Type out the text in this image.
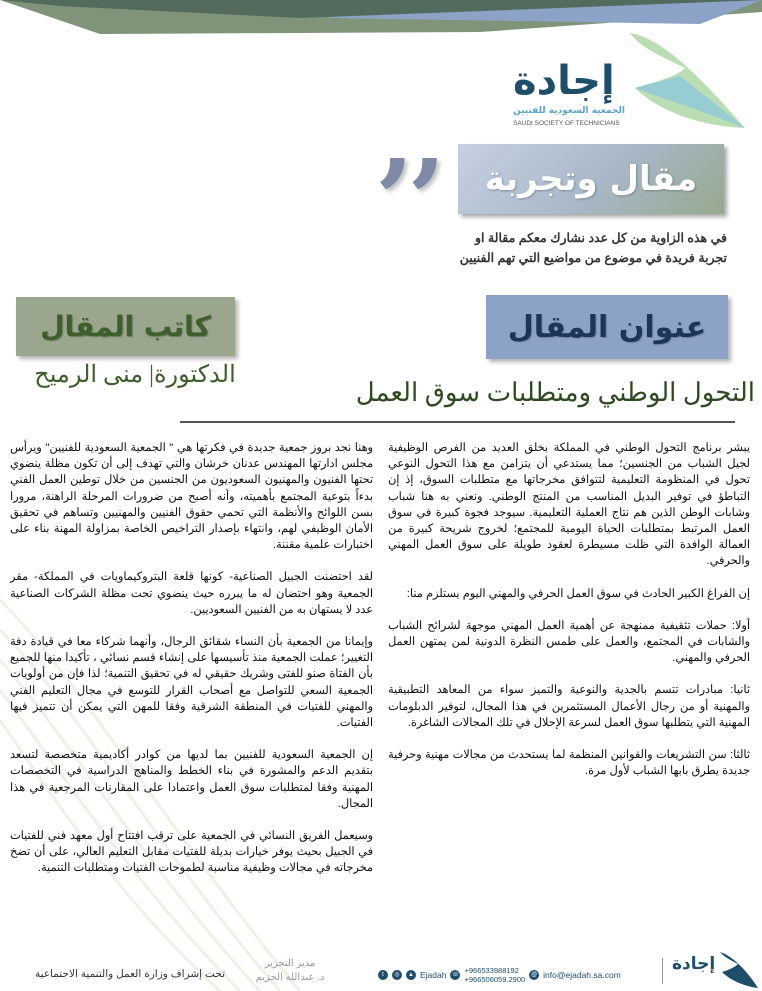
إجادة
الجمعية السعودية للفنيين
SAUDI SOCIETY OF TECHNICIANS
’’ مقال وتجربة
في هذه الزاوية من كل عدد نشارك معكم مقالة او
تجربة فريدة في موضوع من مواضيع التي تهم الفنيين
كاتب المقال
الدكتورة| منى الرميح
عنوان المقال
التحول الوطني ومتطلبات سوق العمل

يبشر برنامج التحول الوطني في المملكة بخلق العديد من الفرص الوظيفية لجيل الشباب من الجنسين؛ مما يستدعي أن يتزامن مع هذا التحول النوعي تحول في المنظومة التعليمية لتتوافق مخرجاتها مع متطلبات السوق، إذ إن التباطؤ في توفير البديل المناسب من المنتج الوطني. ونعني به هنا شباب وشابات الوطن الذين هم نتاج العملية التعليمية. سيوجد فجوة كبيرة في سوق العمل المرتبط بمتطلبات الحياة اليومية للمجتمع؛ لخروج شريحة كبيرة من العمالة الوافدة التي ظلت مسيطرة لعقود طويلة على سوق العمل المهني والحرفي.

إن الفراغ الكبير الحادث في سوق العمل الحرفي والمهني اليوم يستلزم منا:

أولا: حملات تثقيفية ممنهجة عن أهمية العمل المهني موجهة لشرائح الشباب والشابات في المجتمع، والعمل على طمس النظرة الدونية لمن يمتهن العمل الحرفي والمهني.

ثانيا: مبادرات تتسم بالجدية والنوعية والتميز سواء من المعاهد التطبيقية والمهنية أو من رجال الأعمال المستثمرين في هذا المجال، لتوفير الدبلومات المهنية التي يتطلبها سوق العمل لسرعة الإحلال في تلك المجالات الشاغرة.

ثالثا: سن التشريعات والقوانين المنظمة لما يستحدث من مجالات مهنية وحرفية جديدة يطرق بابها الشباب لأول مرة.

وهنا نجد بروز جمعية جديدة في فكرتها هي " الجمعية السعودية للفنيين" ويرأس مجلس ادارتها المهندس عدنان خرشان والتي تهدف إلى أن تكون مظلة ينضوي تحتها الفنيون والمهنيون السعوديون من الجنسين من خلال توطين العمل الفني بدءاً بتوعية المجتمع بأهميته، وأنه أصبح من ضرورات المرحلة الراهنة، مرورا بسن اللوائح والأنظمة التي تحمي حقوق الفنيين والمهنيين وتساهم في تحقيق الأمان الوظيفي لهم، وانتهاء بإصدار التراخيص الخاصة بمزاولة المهنة بناء على اختبارات علمية مقننة.

لقد احتضنت الجبيل الصناعية- كونها قلعة البتروكيماويات في المملكة- مقر الجمعية وهو احتضان له ما يبرره حيث ينضوي تحت مظلة الشركات الصناعية عدد لا يستهان به من الفنيين السعوديين.

وإيمانا من الجمعية بأن النساء شقائق الرجال، وأنهما شركاء معا في قيادة دفة التغيير؛ عملت الجمعية منذ تأسيسها على إنشاء قسم نسائي ، تأكيدا منها للجميع بأن الفتاة صنو للفتى وشريك حقيقي له في تحقيق التنمية؛ لذا فإن من أولويات الجمعية السعي للتواصل مع أصحاب القرار للتوسع في مجال التعليم الفني والمهني للفتيات في المنطقة الشرقية وفقا للمهن التي يمكن أن تتميز فيها الفتيات.

إن الجمعية السعودية للفنيين بما لديها من كوادر أكاديمية متخصصة لتسعد بتقديم الدعم والمشورة في بناء الخطط والمناهج الدراسية في التخصصات المهنية وفقا لمتطلبات سوق العمل واعتمادا على المقارنات المرجعية في هذا المجال.

وسيعمل الفريق النسائي في الجمعية على ترقب افتتاح أول معهد فني للفتيات في الجبيل بحيث يوفر خيارات بديلة للفتيات مقابل التعليم العالي، على أن تضخ مخرجاته في مجالات وظيفية مناسبة لطموحات الفتيات ومتطلبات التنمية.

مدير التحرير
د. عبدالله الحزيم
تحت إشراف وزارة العمل والتنمية الاجتماعية	t	◎	▲ Ejadah ☏ +966533988192
+966506059.2900 @ info@ejadah.sa.com
إجادة
